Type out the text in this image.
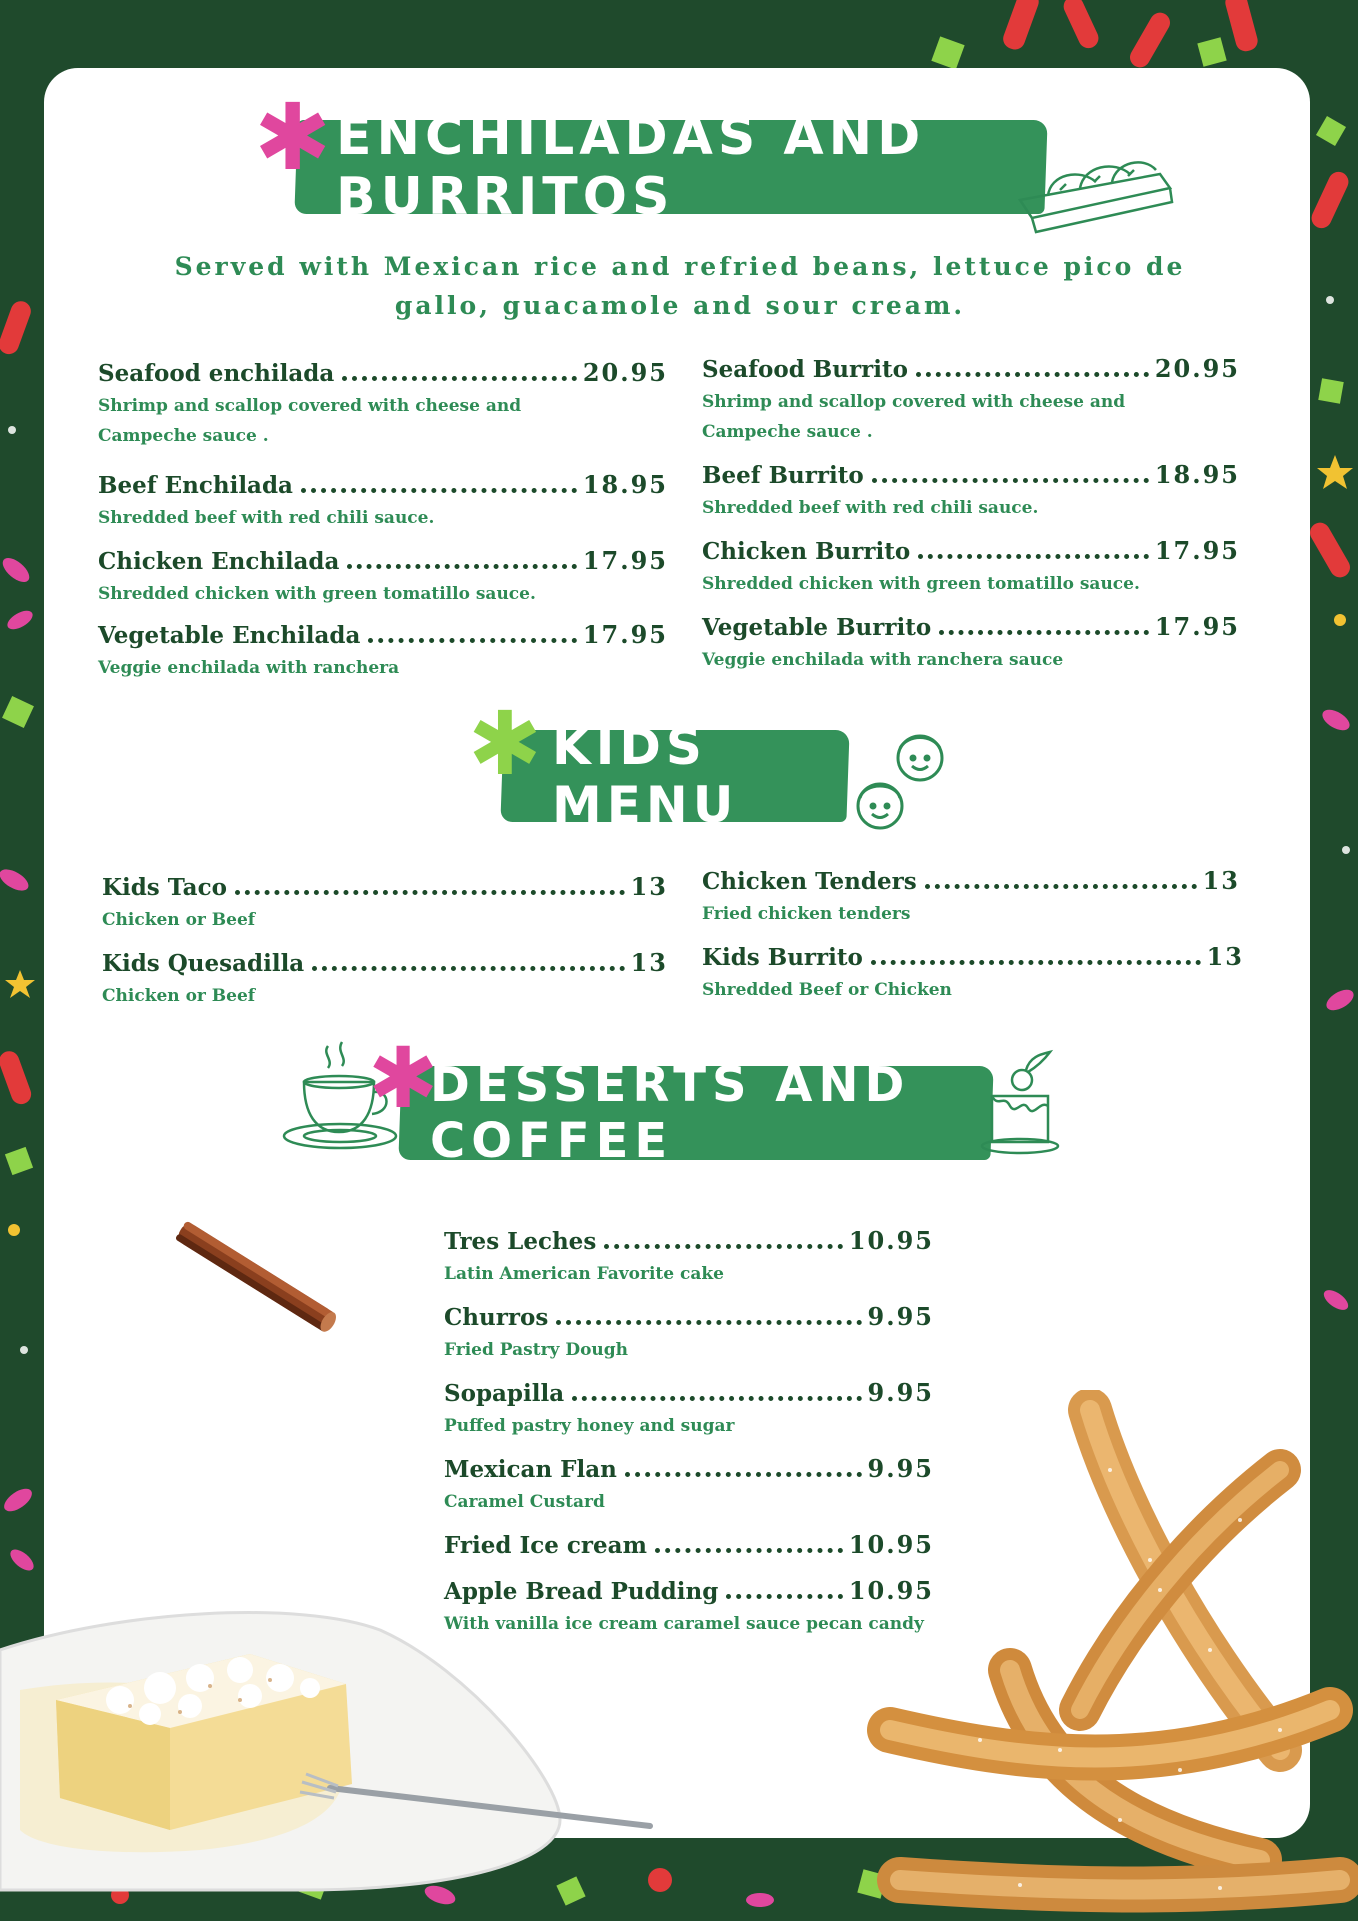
✱ ENCHILADAS AND BURRITOS
Served with Mexican rice and refried beans, lettuce pico de gallo, guacamole and sour cream.
Seafood enchilada	20.95
Shrimp and scallop covered with cheese and Campeche sauce .
Beef Enchilada	18.95
Shredded beef with red chili sauce.
Chicken Enchilada	17.95
Shredded chicken with green tomatillo sauce.
Vegetable Enchilada	17.95
Veggie enchilada with ranchera
Seafood Burrito	20.95
Shrimp and scallop covered with cheese and Campeche sauce .
Beef Burrito	18.95
Shredded beef with red chili sauce.
Chicken Burrito	17.95
Shredded chicken with green tomatillo sauce.
Vegetable Burrito	17.95
Veggie enchilada with ranchera sauce
✱ KIDS MENU
Kids Taco	13
Chicken or Beef
Kids Quesadilla	13
Chicken or Beef
Chicken Tenders	13
Fried chicken tenders
Kids Burrito	13
Shredded Beef or Chicken
✱
DESSERTS AND COFFEE
Tres Leches	10.95
Latin American Favorite cake
Churros	9.95
Fried Pastry Dough
Sopapilla	9.95
Puffed pastry honey and sugar
Mexican Flan	9.95
Caramel Custard
Fried Ice cream	10.95
Apple Bread Pudding	10.95
With vanilla ice cream caramel sauce pecan candy
